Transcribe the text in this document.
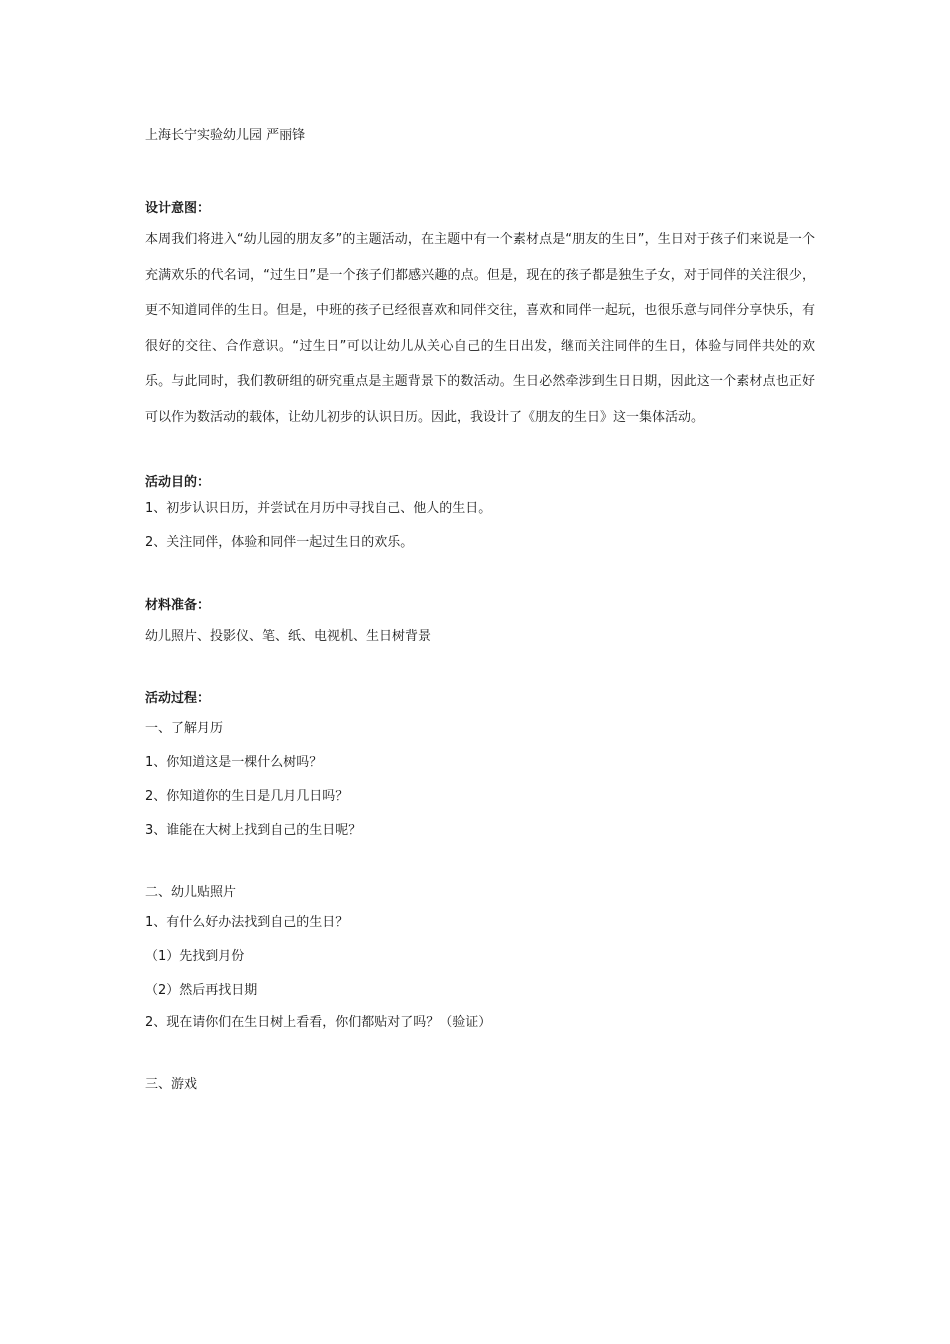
上海长宁实验幼儿园 严丽锋

设计意图：

本周我们将进入“幼儿园的朋友多”的主题活动，在主题中有一个素材点是“朋友的生日”，生日对于孩子们来说是一个充满欢乐的代名词，“过生日”是一个孩子们都感兴趣的点。但是，现在的孩子都是独生子女，对于同伴的关注很少，更不知道同伴的生日。但是，中班的孩子已经很喜欢和同伴交往，喜欢和同伴一起玩，也很乐意与同伴分享快乐，有很好的交往、合作意识。“过生日”可以让幼儿从关心自己的生日出发，继而关注同伴的生日，体验与同伴共处的欢乐。与此同时，我们教研组的研究重点是主题背景下的数活动。生日必然牵涉到生日日期，因此这一个素材点也正好可以作为数活动的载体，让幼儿初步的认识日历。因此，我设计了《朋友的生日》这一集体活动。

活动目的：

1、初步认识日历，并尝试在月历中寻找自己、他人的生日。

2、关注同伴，体验和同伴一起过生日的欢乐。

材料准备：

幼儿照片、投影仪、笔、纸、电视机、生日树背景

活动过程：

一、了解月历

1、你知道这是一棵什么树吗？

2、你知道你的生日是几月几日吗？

3、谁能在大树上找到自己的生日呢？

二、幼儿贴照片

1、有什么好办法找到自己的生日？

（1）先找到月份

（2）然后再找日期

2、现在请你们在生日树上看看，你们都贴对了吗？（验证）

三、游戏
